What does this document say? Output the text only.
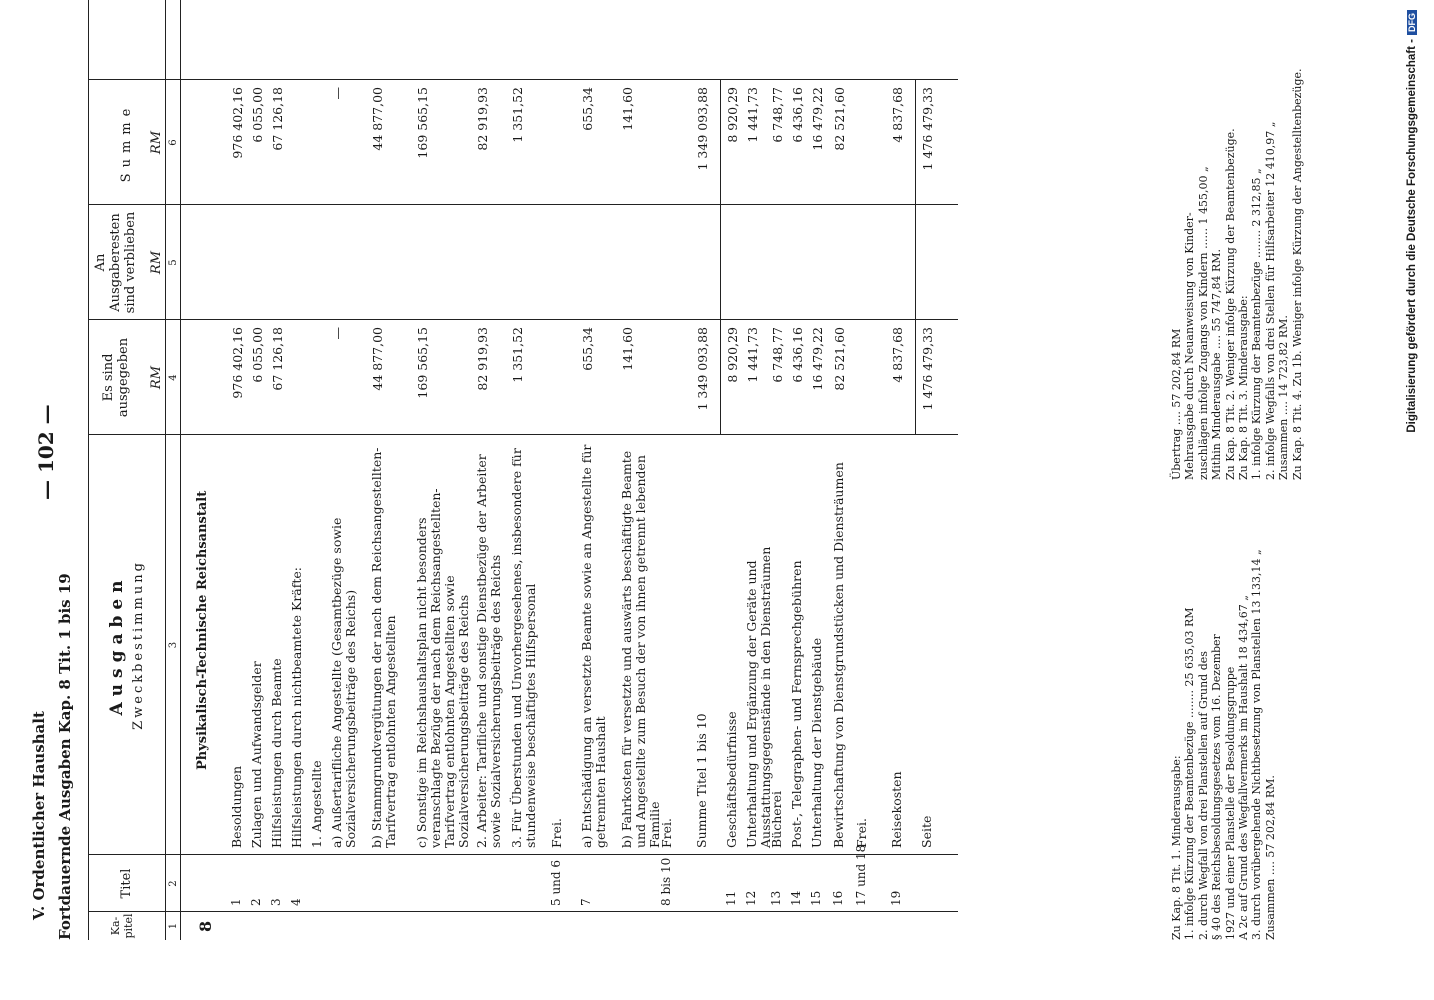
V. Ordentlicher Haushalt Fortdauernde Ausgaben Kap. 8 Tit. 1 bis 19
— 102 —
Ka-pitel
Titel
Ausgaben Zweckbestimmung
Es sind ausgegeben
An Ausgaberesten sind verblieben
Summe
RM
RM
RM
1
2
3
4
5
6
8
Physikalisch-Technische Reichsanstalt
1
Besoldungen
976 402,16
976 402,16
2
Zulagen und Aufwandsgelder
6 055,00
6 055,00
3
Hilfsleistungen durch Beamte
67 126,18
67 126,18
4
Hilfsleistungen durch nichtbeamtete Kräfte: 1. Angestellte a) Außertarifliche Angestellte (Gesamtbezüge sowie Sozialversicherungsbeiträge des Reichs)
—
—
b) Stammgrundvergütungen der nach dem Reichsangestellten-Tarifvertrag entlohnten Angestellten
44 877,00
44 877,00
c) Sonstige im Reichshaushaltsplan nicht besonders veranschlagte Bezüge der nach dem Reichsangestellten-Tarifvertrag entlohnten Angestellten sowie Sozialversicherungsbeiträge des Reichs
169 565,15
169 565,15
2. Arbeiter: Tarifliche und sonstige Dienstbezüge der Arbeiter sowie Sozialversicherungsbeiträge des Reichs
82 919,93
82 919,93
3. Für Überstunden und Unvorhergesehenes, insbesondere für stundenweise beschäftigtes Hilfspersonal
1 351,52
1 351,52
5 und 6
Frei.
7
a) Entschädigung an versetzte Beamte sowie an Angestellte für getrennten Haushalt
655,34
655,34
b) Fahrkosten für versetzte und auswärts beschäftigte Beamte und Angestellte zum Besuch der von ihnen getrennt lebenden Familie
141,60
141,60
8 bis 10
Frei. Summe Titel 1 bis 10
1 349 093,88
1 349 093,88
11
Geschäftsbedürfnisse
8 920,29
8 920,29
12
Unterhaltung und Ergänzung der Geräte und Ausstattungsgegenstände in den Diensträumen
1 441,73
1 441,73
13
Bücherei
6 748,77
6 748,77
14
Post-, Telegraphen- und Fernsprechgebühren
6 436,16
6 436,16
15
Unterhaltung der Dienstgebäude
16 479,22
16 479,22
16
Bewirtschaftung von Dienstgrundstücken und Diensträumen
82 521,60
82 521,60
17 und 18
Frei.
19
Reisekosten
4 837,68
4 837,68
Seite
1 476 479,33
1 476 479,33
Zu Kap. 8 Tit. 1. Minderausgabe: 1. infolge Kürzung der Beamtenbezüge ........ 25 635,03 RM 2. durch Wegfall von drei Planstellen auf Grund des § 40 des Reichsbesoldungsgesetzes vom 16. Dezember 1927 und einer Planstelle der Besoldungsgruppe A 2c auf Grund des Wegfallvermerks im Haushalt 18 434,67 „ 3. durch vorübergehende Nichtbesetzung von Planstellen 13 133,14 „ Zusammen .... 57 202,84 RM.
Übertrag .... 57 202,84 RM Mehrausgabe durch Neuanweisung von Kinder- zuschlägen infolge Zugangs von Kindern ...... 1 455,00 „ Mithin Minderausgabe .... 55 747,84 RM. Zu Kap. 8 Tit. 2. Weniger infolge Kürzung der Beamtenbezüge. Zu Kap. 8 Tit. 3. Minderausgabe: 1. infolge Kürzung der Beamtenbezüge ........ 2 312,85 „ 2. infolge Wegfalls von drei Stellen für Hilfsarbeiter 12 410,97 „ Zusammen .... 14 723,82 RM. Zu Kap. 8 Tit. 4. Zu 1b. Weniger infolge Kürzung der Angestelltenbezüge.	Digitalisierung gefördert durch die Deutsche Forschungsgemeinschaft -DFG
